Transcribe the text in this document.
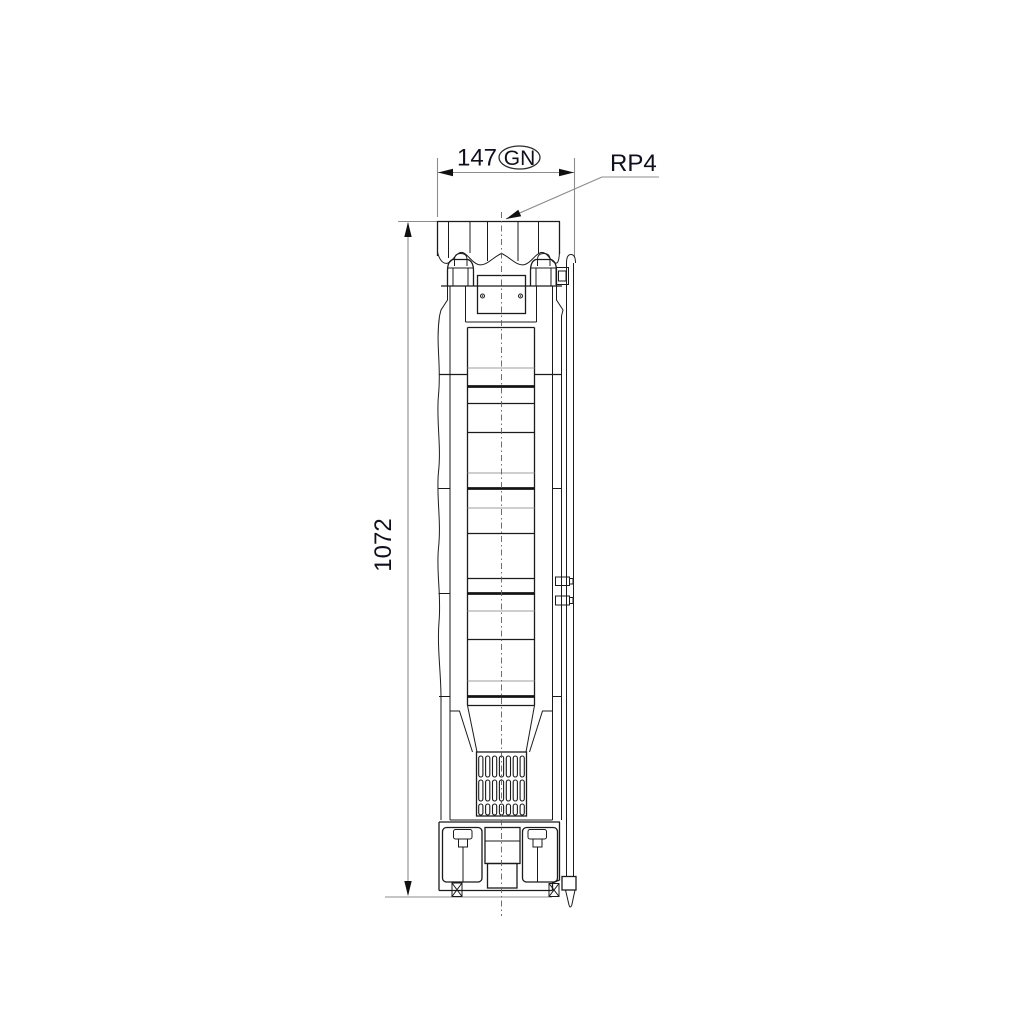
147 GN	RP4
1072
